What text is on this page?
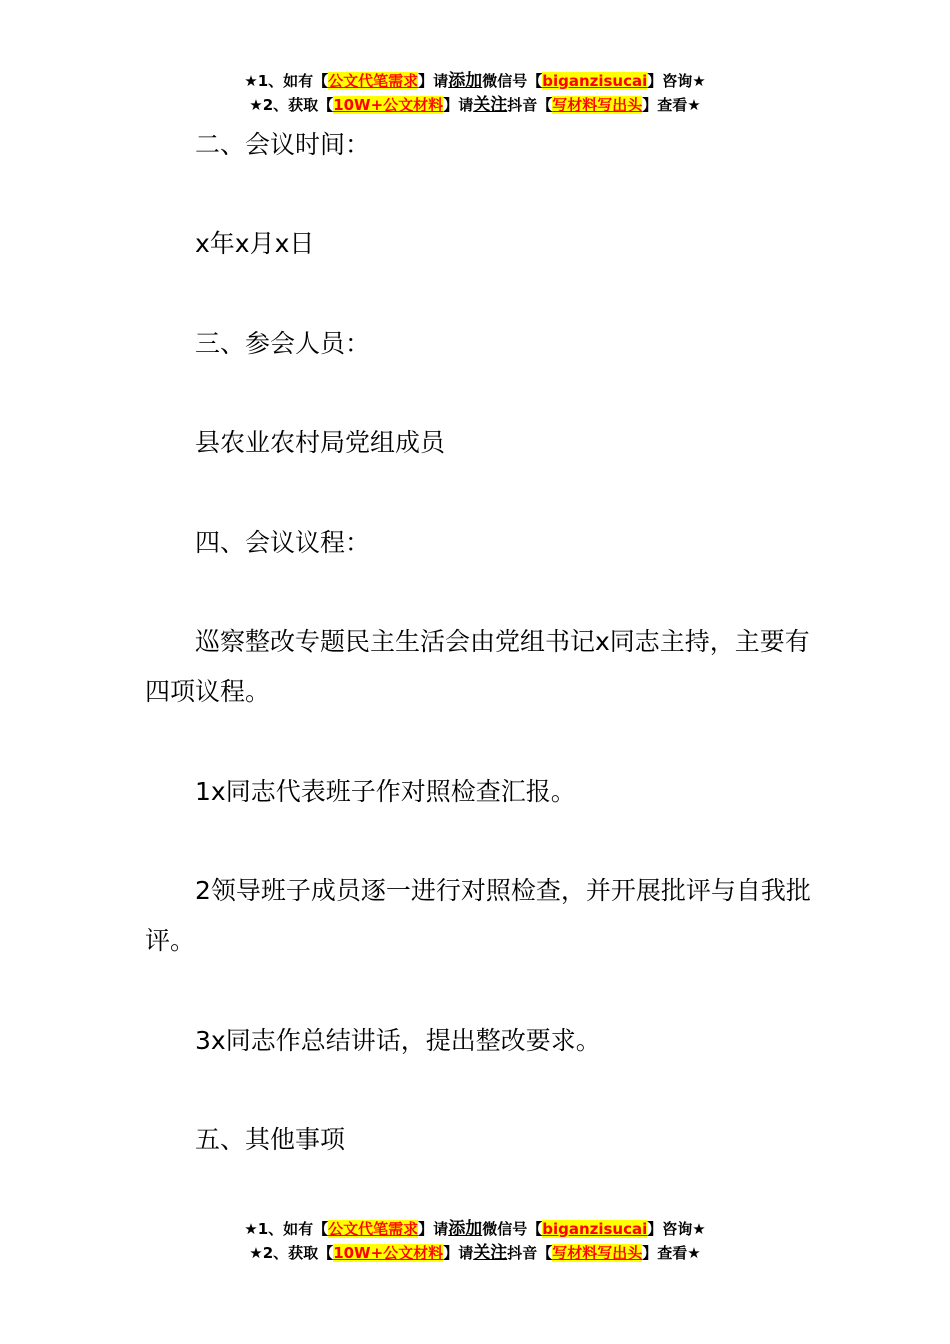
★1、如有【公文代笔需求】请添加微信号【biganzisucai】咨询★
★2、获取【10W+公文材料】请关注抖音【写材料写出头】查看★

二、会议时间：

x年x月x日

三、参会人员：

县农业农村局党组成员

四、会议议程：

巡察整改专题民主生活会由党组书记x同志主持，主要有四项议程。

1x同志代表班子作对照检查汇报。

2领导班子成员逐一进行对照检查，并开展批评与自我批评。

3x同志作总结讲话，提出整改要求。

五、其他事项

★1、如有【公文代笔需求】请添加微信号【biganzisucai】咨询★
★2、获取【10W+公文材料】请关注抖音【写材料写出头】查看★
